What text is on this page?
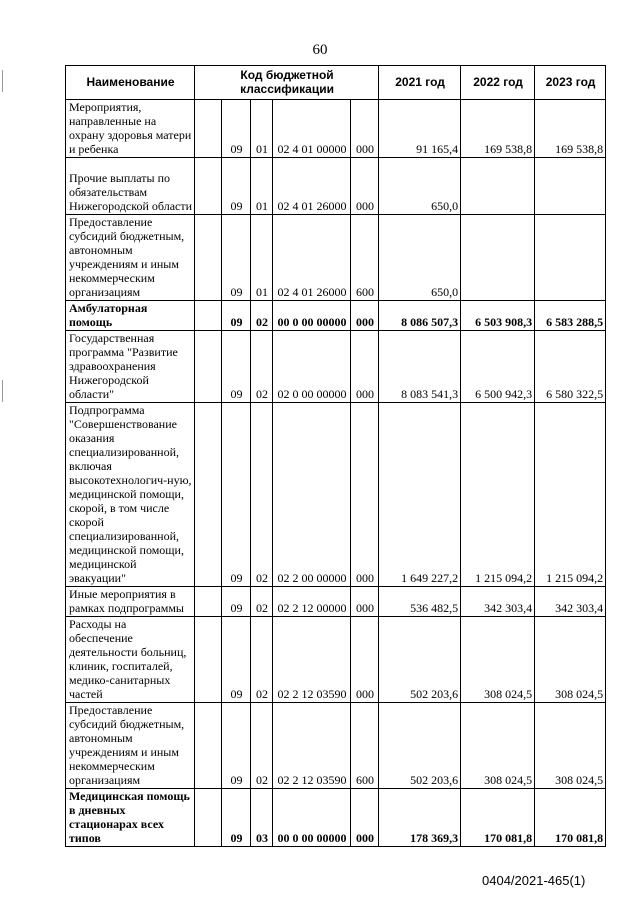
60
Наименование	Код бюджетной классификации					2021 год	2022 год	2023 год
Мероприятия, направленные на охрану здоровья матери и ребенка		09	01	02 4 01 00000	000	91 165,4	169 538,8	169 538,8
Прочие выплаты по обязательствам Нижегородской области		09	01	02 4 01 26000	000	650,0		
Предоставление субсидий бюджетным, автономным учреждениям и иным некоммерческим организациям		09	01	02 4 01 26000	600	650,0		
Амбулаторная помощь		09	02	00 0 00 00000	000	8 086 507,3	6 503 908,3	6 583 288,5
Государственная программа "Развитие здравоохранения Нижегородской области"		09	02	02 0 00 00000	000	8 083 541,3	6 500 942,3	6 580 322,5
Подпрограмма "Совершенствование оказания специализированной, включая высокотехнологич-ную, медицинской помощи, скорой, в том числе скорой специализированной, медицинской помощи, медицинской эвакуации"		09	02	02 2 00 00000	000	1 649 227,2	1 215 094,2	1 215 094,2
Иные мероприятия в рамках подпрограммы		09	02	02 2 12 00000	000	536 482,5	342 303,4	342 303,4
Расходы на обеспечение деятельности больниц, клиник, госпиталей, медико-санитарных частей		09	02	02 2 12 03590	000	502 203,6	308 024,5	308 024,5
Предоставление субсидий бюджетным, автономным учреждениям и иным некоммерческим организациям		09	02	02 2 12 03590	600	502 203,6	308 024,5	308 024,5
Медицинская помощь в дневных стационарах всех типов		09	03	00 0 00 00000	000	178 369,3	170 081,8	170 081,8
0404/2021-465(1)
